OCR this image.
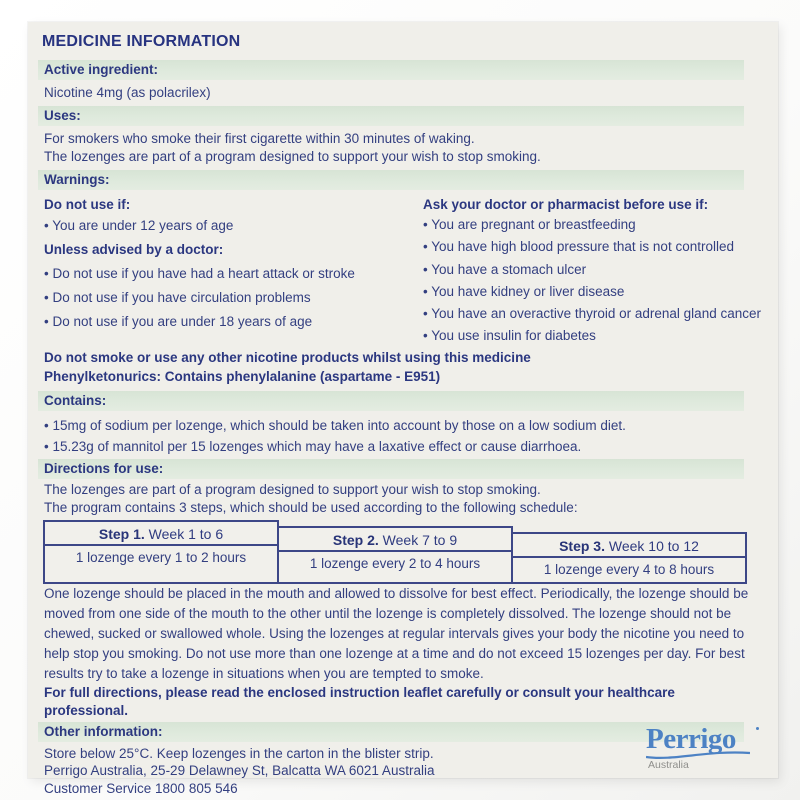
MEDICINE INFORMATION
Active ingredient:
Nicotine 4mg (as polacrilex)
Uses:
For smokers who smoke their first cigarette within 30 minutes of waking.
The lozenges are part of a program designed to support your wish to stop smoking.
Warnings:
Do not use if:
• You are under 12 years of age
Unless advised by a doctor:
• Do not use if you have had a heart attack or stroke
• Do not use if you have circulation problems
• Do not use if you are under 18 years of age
Ask your doctor or pharmacist before use if:
• You are pregnant or breastfeeding
• You have high blood pressure that is not controlled
• You have a stomach ulcer
• You have kidney or liver disease
• You have an overactive thyroid or adrenal gland cancer
• You use insulin for diabetes
Do not smoke or use any other nicotine products whilst using this medicine
Phenylketonurics: Contains phenylalanine (aspartame - E951)
Contains:
• 15mg of sodium per lozenge, which should be taken into account by those on a low sodium diet.
• 15.23g of mannitol per 15 lozenges which may have a laxative effect or cause diarrhoea.
Directions for use:
The lozenges are part of a program designed to support your wish to stop smoking.
The program contains 3 steps, which should be used according to the following schedule:
Step 1. Week 1 to 6
1 lozenge every 1 to 2 hours
Step 2. Week 7 to 9
1 lozenge every 2 to 4 hours
Step 3. Week 10 to 12
1 lozenge every 4 to 8 hours
One lozenge should be placed in the mouth and allowed to dissolve for best effect. Periodically, the lozenge should be moved from one side of the mouth to the other until the lozenge is completely dissolved. The lozenge should not be chewed, sucked or swallowed whole. Using the lozenges at regular intervals gives your body the nicotine you need to help stop you smoking. Do not use more than one lozenge at a time and do not exceed 15 lozenges per day. For best results try to take a lozenge in situations when you are tempted to smoke.
For full directions, please read the enclosed instruction leaflet carefully or consult your healthcare professional.
Other information:
Store below 25°C. Keep lozenges in the carton in the blister strip.
Perrigo Australia, 25-29 Delawney St, Balcatta WA 6021 Australia
Customer Service 1800 805 546
Perrigo
Australia
